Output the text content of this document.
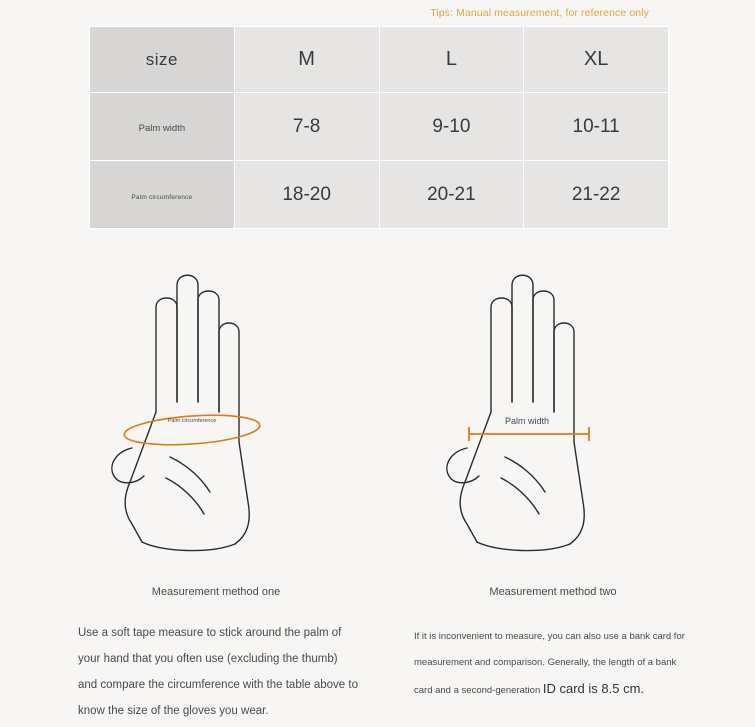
Tips: Manual measurement, for reference only
size	M	L	XL
Palm width	7-8	9-10	10-11
Palm circumference	18-20	20-21	21-22
Palm circumference	Palm width
Measurement method one	Measurement method two
Use a soft tape measure to stick around the palm of your hand that you often use (excluding the thumb) and compare the circumference with the table above to know the size of the gloves you wear.
If it is inconvenient to measure, you can also use a bank card for measurement and comparison. Generally, the length of a bank card and a second-generation ID card is 8.5 cm.
